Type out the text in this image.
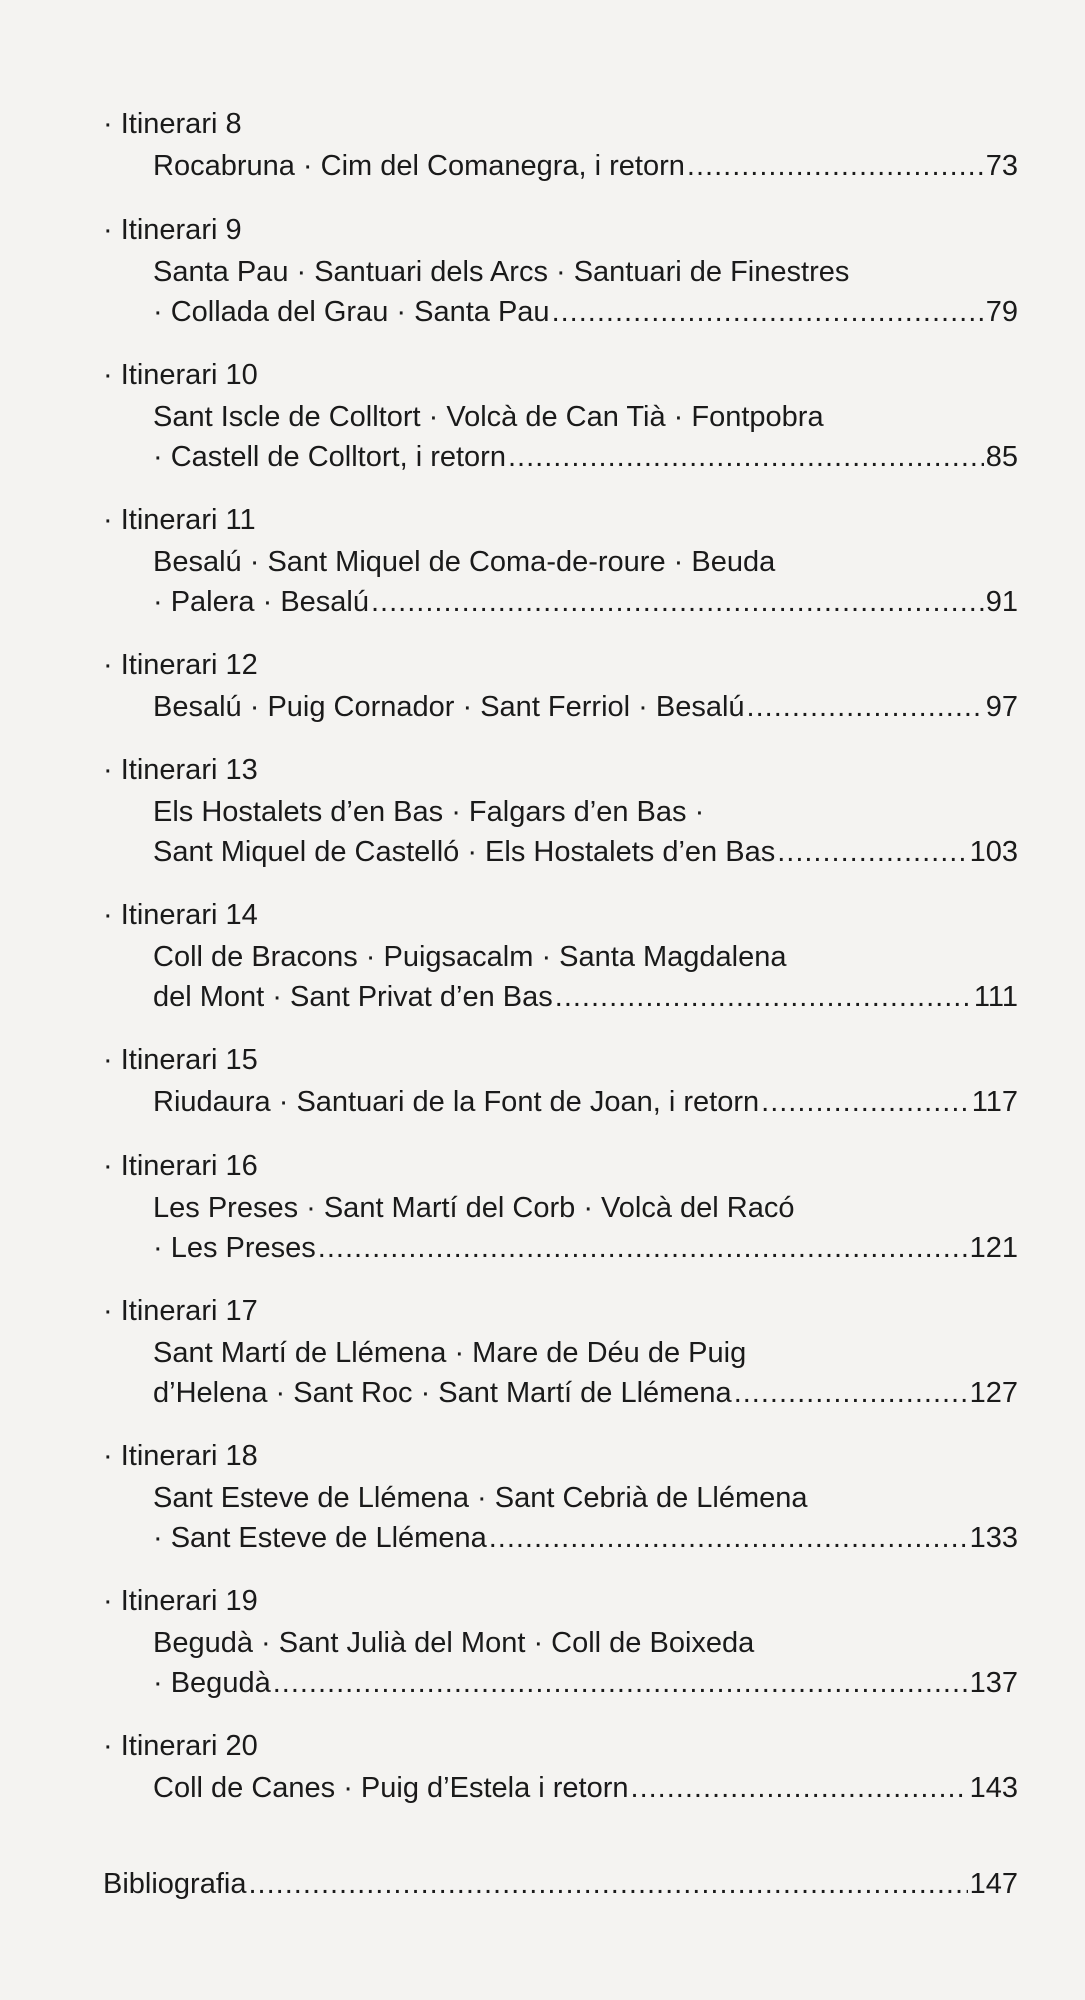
· Itinerari 8
Rocabruna · Cim del Comanegra, i retorn .....	73
· Itinerari 9
Santa Pau · Santuari dels Arcs · Santuari de Finestres
· Collada del Grau · Santa Pau .....	79
· Itinerari 10
Sant Iscle de Colltort · Volcà de Can Tià · Fontpobra
· Castell de Colltort, i retorn .....	85
· Itinerari 11
Besalú · Sant Miquel de Coma-de-roure · Beuda
· Palera · Besalú .....	91
· Itinerari 12
Besalú · Puig Cornador · Sant Ferriol · Besalú .....	97
· Itinerari 13
Els Hostalets d’en Bas · Falgars d’en Bas ·
Sant Miquel de Castelló · Els Hostalets d’en Bas .....	103
· Itinerari 14
Coll de Bracons · Puigsacalm · Santa Magdalena
del Mont · Sant Privat d’en Bas .....	111
· Itinerari 15
Riudaura · Santuari de la Font de Joan, i retorn .....	117
· Itinerari 16
Les Preses · Sant Martí del Corb · Volcà del Racó
· Les Preses .....	121
· Itinerari 17
Sant Martí de Llémena · Mare de Déu de Puig
d’Helena · Sant Roc · Sant Martí de Llémena .....	127
· Itinerari 18
Sant Esteve de Llémena · Sant Cebrià de Llémena
· Sant Esteve de Llémena .....	133
· Itinerari 19
Begudà · Sant Julià del Mont · Coll de Boixeda
· Begudà .....	137
· Itinerari 20
Coll de Canes · Puig d’Estela i retorn .....	143
Bibliografia .....	147
